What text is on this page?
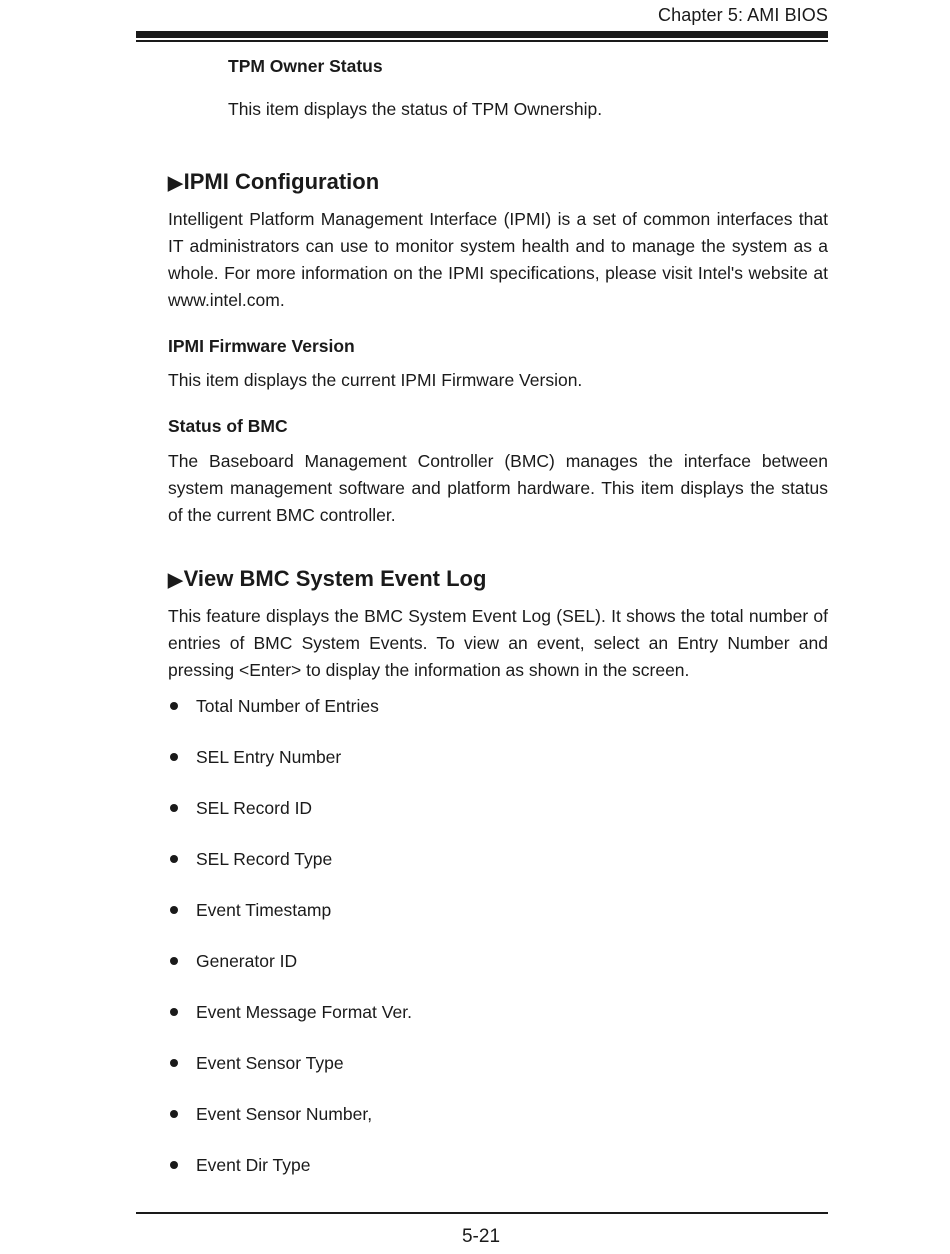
Chapter 5: AMI BIOS
TPM Owner Status
This item displays the status of TPM Ownership.
▶IPMI Configuration
Intelligent Platform Management Interface (IPMI) is a set of common interfaces that IT administrators can use to monitor system health and to manage the system as a whole. For more information on the IPMI specifications, please visit Intel's website at www.intel.com.
IPMI Firmware Version
This item displays the current IPMI Firmware Version.
Status of BMC
The Baseboard Management Controller (BMC) manages the interface between system management software and platform hardware. This item displays the status of the current BMC controller.
▶View BMC System Event Log
This feature displays the BMC System Event Log (SEL). It shows the total number of entries of BMC System Events. To view an event, select an Entry Number and pressing <Enter> to display the information as shown in the screen.
Total Number of Entries
SEL Entry Number
SEL Record ID
SEL Record Type
Event Timestamp
Generator ID
Event Message Format Ver.
Event Sensor Type
Event Sensor Number,
Event Dir Type
5-21
